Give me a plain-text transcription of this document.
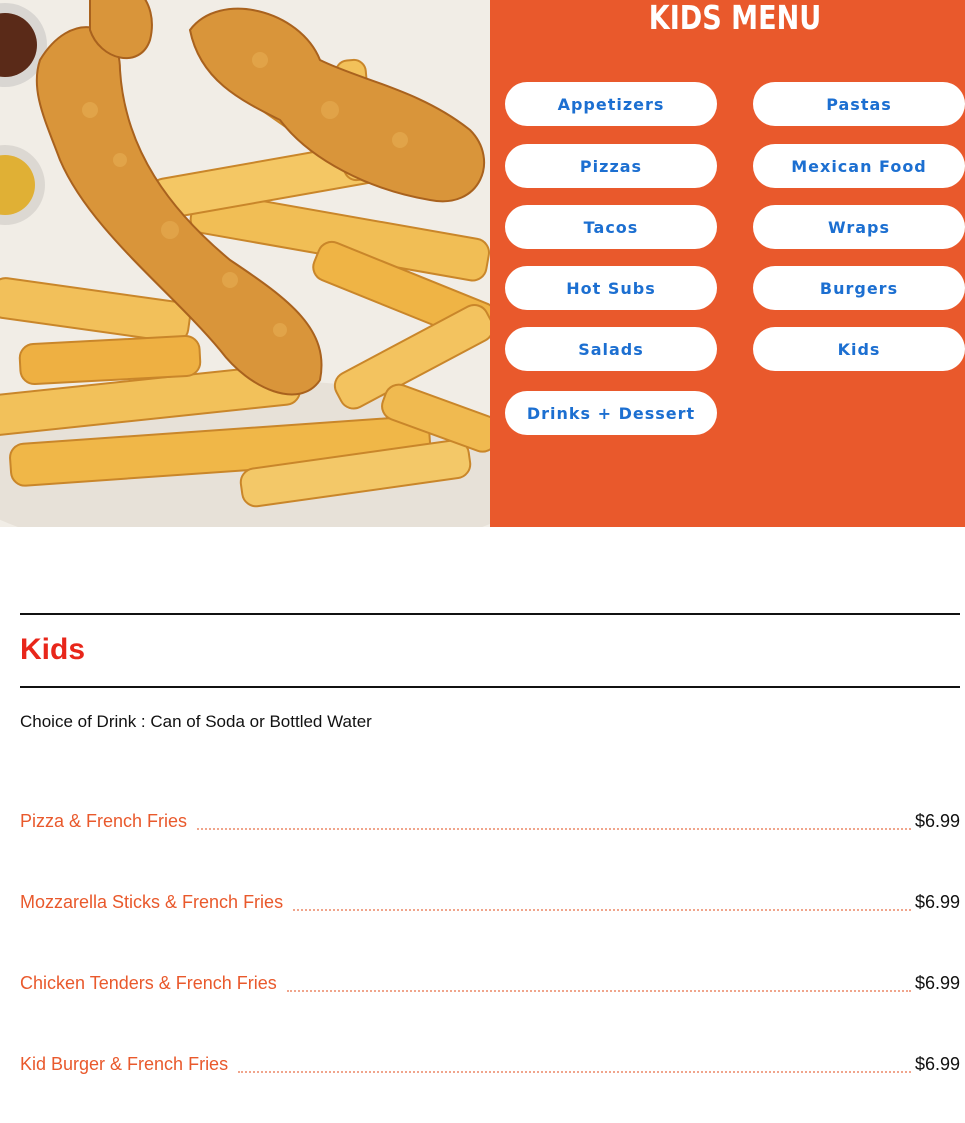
KIDS MENU
Appetizers
Pizzas
Tacos
Hot Subs
Salads
Drinks + Dessert
Pastas
Mexican Food
Wraps
Burgers
Kids
Kids

Choice of Drink : Can of Soda or Bottled Water

Pizza & French Fries	$6.99
Mozzarella Sticks & French Fries	$6.99
Chicken Tenders & French Fries	$6.99
Kid Burger & French Fries	$6.99
